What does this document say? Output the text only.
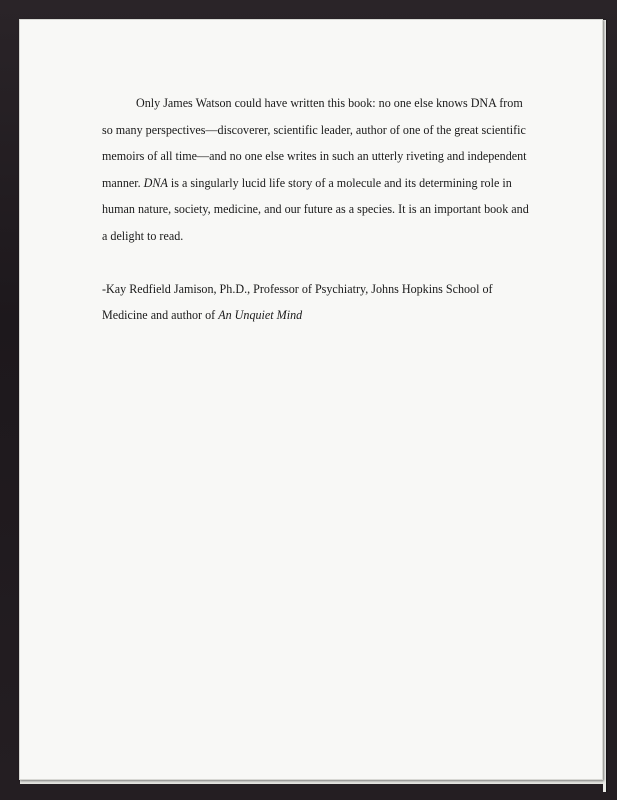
Only James Watson could have written this book: no one else knows DNA from
so many perspectives—discoverer, scientific leader, author of one of the great scientific
memoirs of all time—and no one else writes in such an utterly riveting and independent
manner. DNA is a singularly lucid life story of a molecule and its determining role in
human nature, society, medicine, and our future as a species. It is an important book and
a delight to read.

-Kay Redfield Jamison, Ph.D., Professor of Psychiatry, Johns Hopkins School of
Medicine and author of An Unquiet Mind
